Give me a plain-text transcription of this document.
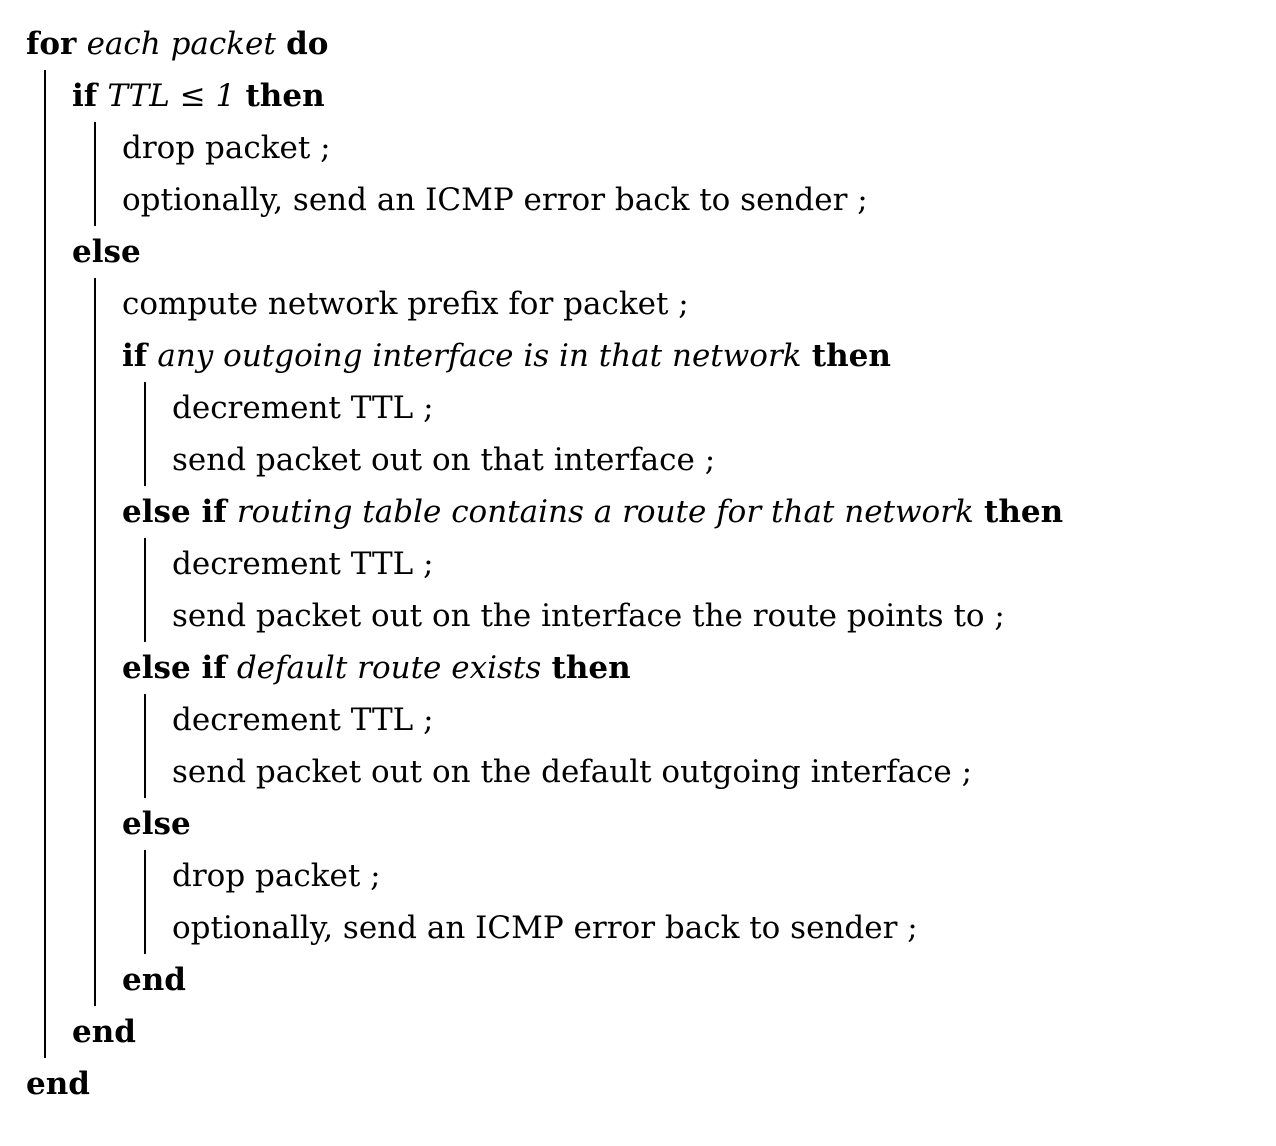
for each packet do
if TTL ≤ 1 then
drop packet ;
optionally, send an ICMP error back to sender ;
else
compute network prefix for packet ;
if any outgoing interface is in that network then
decrement TTL ;
send packet out on that interface ;
else if routing table contains a route for that network then
decrement TTL ;
send packet out on the interface the route points to ;
else if default route exists then
decrement TTL ;
send packet out on the default outgoing interface ;
else
drop packet ;
optionally, send an ICMP error back to sender ;
end
end
end
